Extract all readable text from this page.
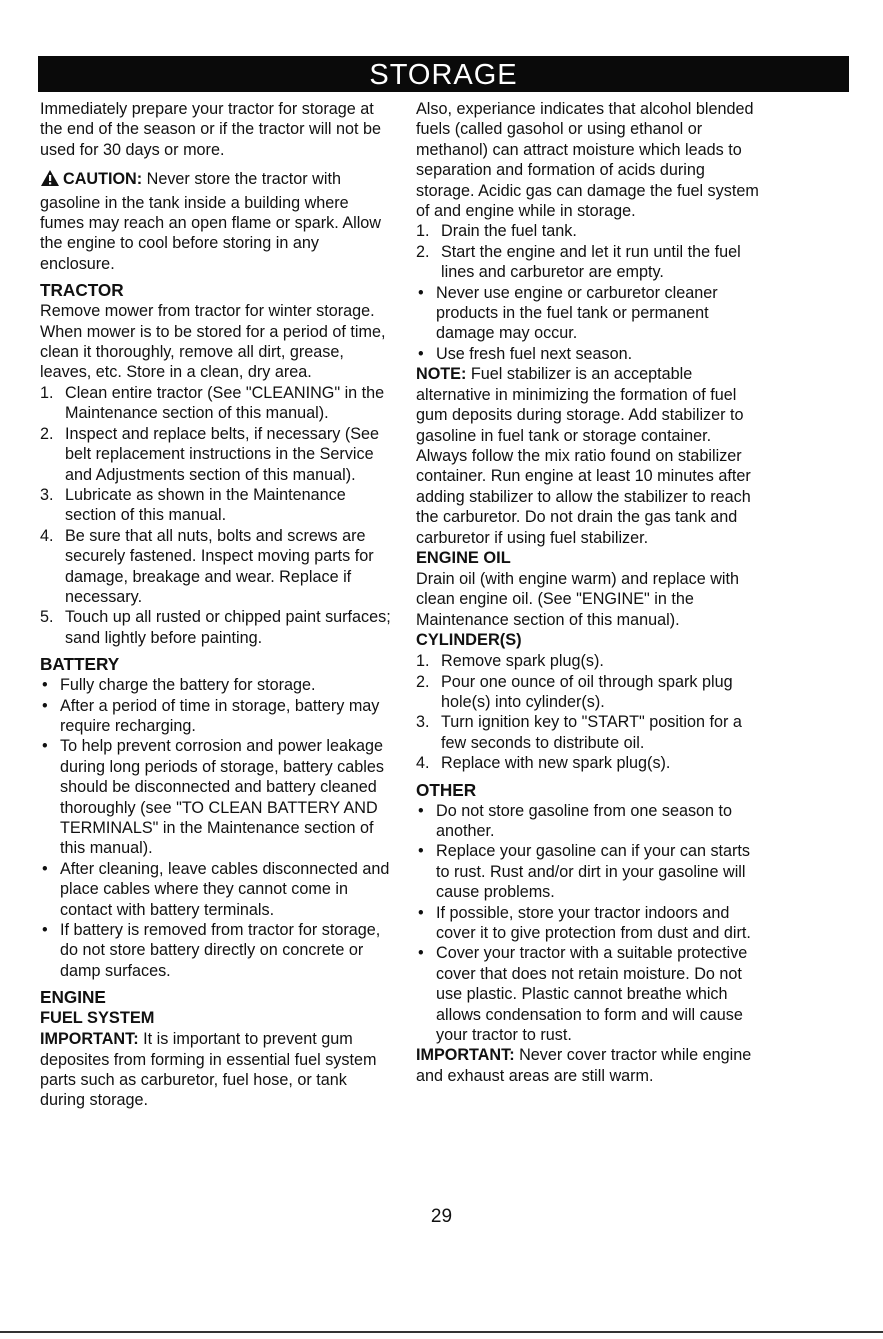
STORAGE

Immediately prepare your tractor for storage at the end of the season or if the tractor will not be used for 30 days or more.

CAUTION: Never store the tractor with gasoline in the tank inside a building where fumes may reach an open flame or spark. Allow the engine to cool before storing in any enclosure.

TRACTOR

Remove mower from tractor for winter storage. When mower is to be stored for a period of time, clean it thoroughly, remove all dirt, grease, leaves, etc. Store in a clean, dry area.

1. Clean entire tractor (See "CLEANING" in the Maintenance section of this manual).
2. Inspect and replace belts, if necessary (See belt replacement instructions in the Service and Adjustments section of this manual).
3. Lubricate as shown in the Maintenance section of this manual.
4. Be sure that all nuts, bolts and screws are securely fastened. Inspect moving parts for damage, breakage and wear. Replace if necessary.
5. Touch up all rusted or chipped paint surfaces; sand lightly before painting.

BATTERY

• Fully charge the battery for storage.
• After a period of time in storage, battery may require recharging.
• To help prevent corrosion and power leakage during long periods of storage, battery cables should be disconnected and battery cleaned thoroughly (see "TO CLEAN BATTERY AND TERMINALS" in the Maintenance section of this manual).
• After cleaning, leave cables disconnected and place cables where they cannot come in contact with battery terminals.
• If battery is removed from tractor for storage, do not store battery directly on concrete or damp surfaces.

ENGINE

FUEL SYSTEM

IMPORTANT: It is important to prevent gum deposites from forming in essential fuel system parts such as carburetor, fuel hose, or tank during storage.

Also, experiance indicates that alcohol blended fuels (called gasohol or using ethanol or methanol) can attract moisture which leads to separation and formation of acids during storage. Acidic gas can damage the fuel system of and engine while in storage.

1. Drain the fuel tank.
2. Start the engine and let it run until the fuel lines and carburetor are empty.
• Never use engine or carburetor cleaner products in the fuel tank or permanent damage may occur.
• Use fresh fuel next season.

NOTE: Fuel stabilizer is an acceptable alternative in minimizing the formation of fuel gum deposits during storage. Add stabilizer to gasoline in fuel tank or storage container. Always follow the mix ratio found on stabilizer container. Run engine at least 10 minutes after adding stabilizer to allow the stabilizer to reach the carburetor. Do not drain the gas tank and carburetor if using fuel stabilizer.

ENGINE OIL

Drain oil (with engine warm) and replace with clean engine oil. (See "ENGINE" in the Maintenance section of this manual).

CYLINDER(S)

1. Remove spark plug(s).
2. Pour one ounce of oil through spark plug hole(s) into cylinder(s).
3. Turn ignition key to "START" position for a few seconds to distribute oil.
4. Replace with new spark plug(s).

OTHER

• Do not store gasoline from one season to another.
• Replace your gasoline can if your can starts to rust. Rust and/or dirt in your gasoline will cause problems.
• If possible, store your tractor indoors and cover it to give protection from dust and dirt.
• Cover your tractor with a suitable protective cover that does not retain moisture. Do not use plastic. Plastic cannot breathe which allows condensation to form and will cause your tractor to rust.

IMPORTANT: Never cover tractor while engine and exhaust areas are still warm.

29
